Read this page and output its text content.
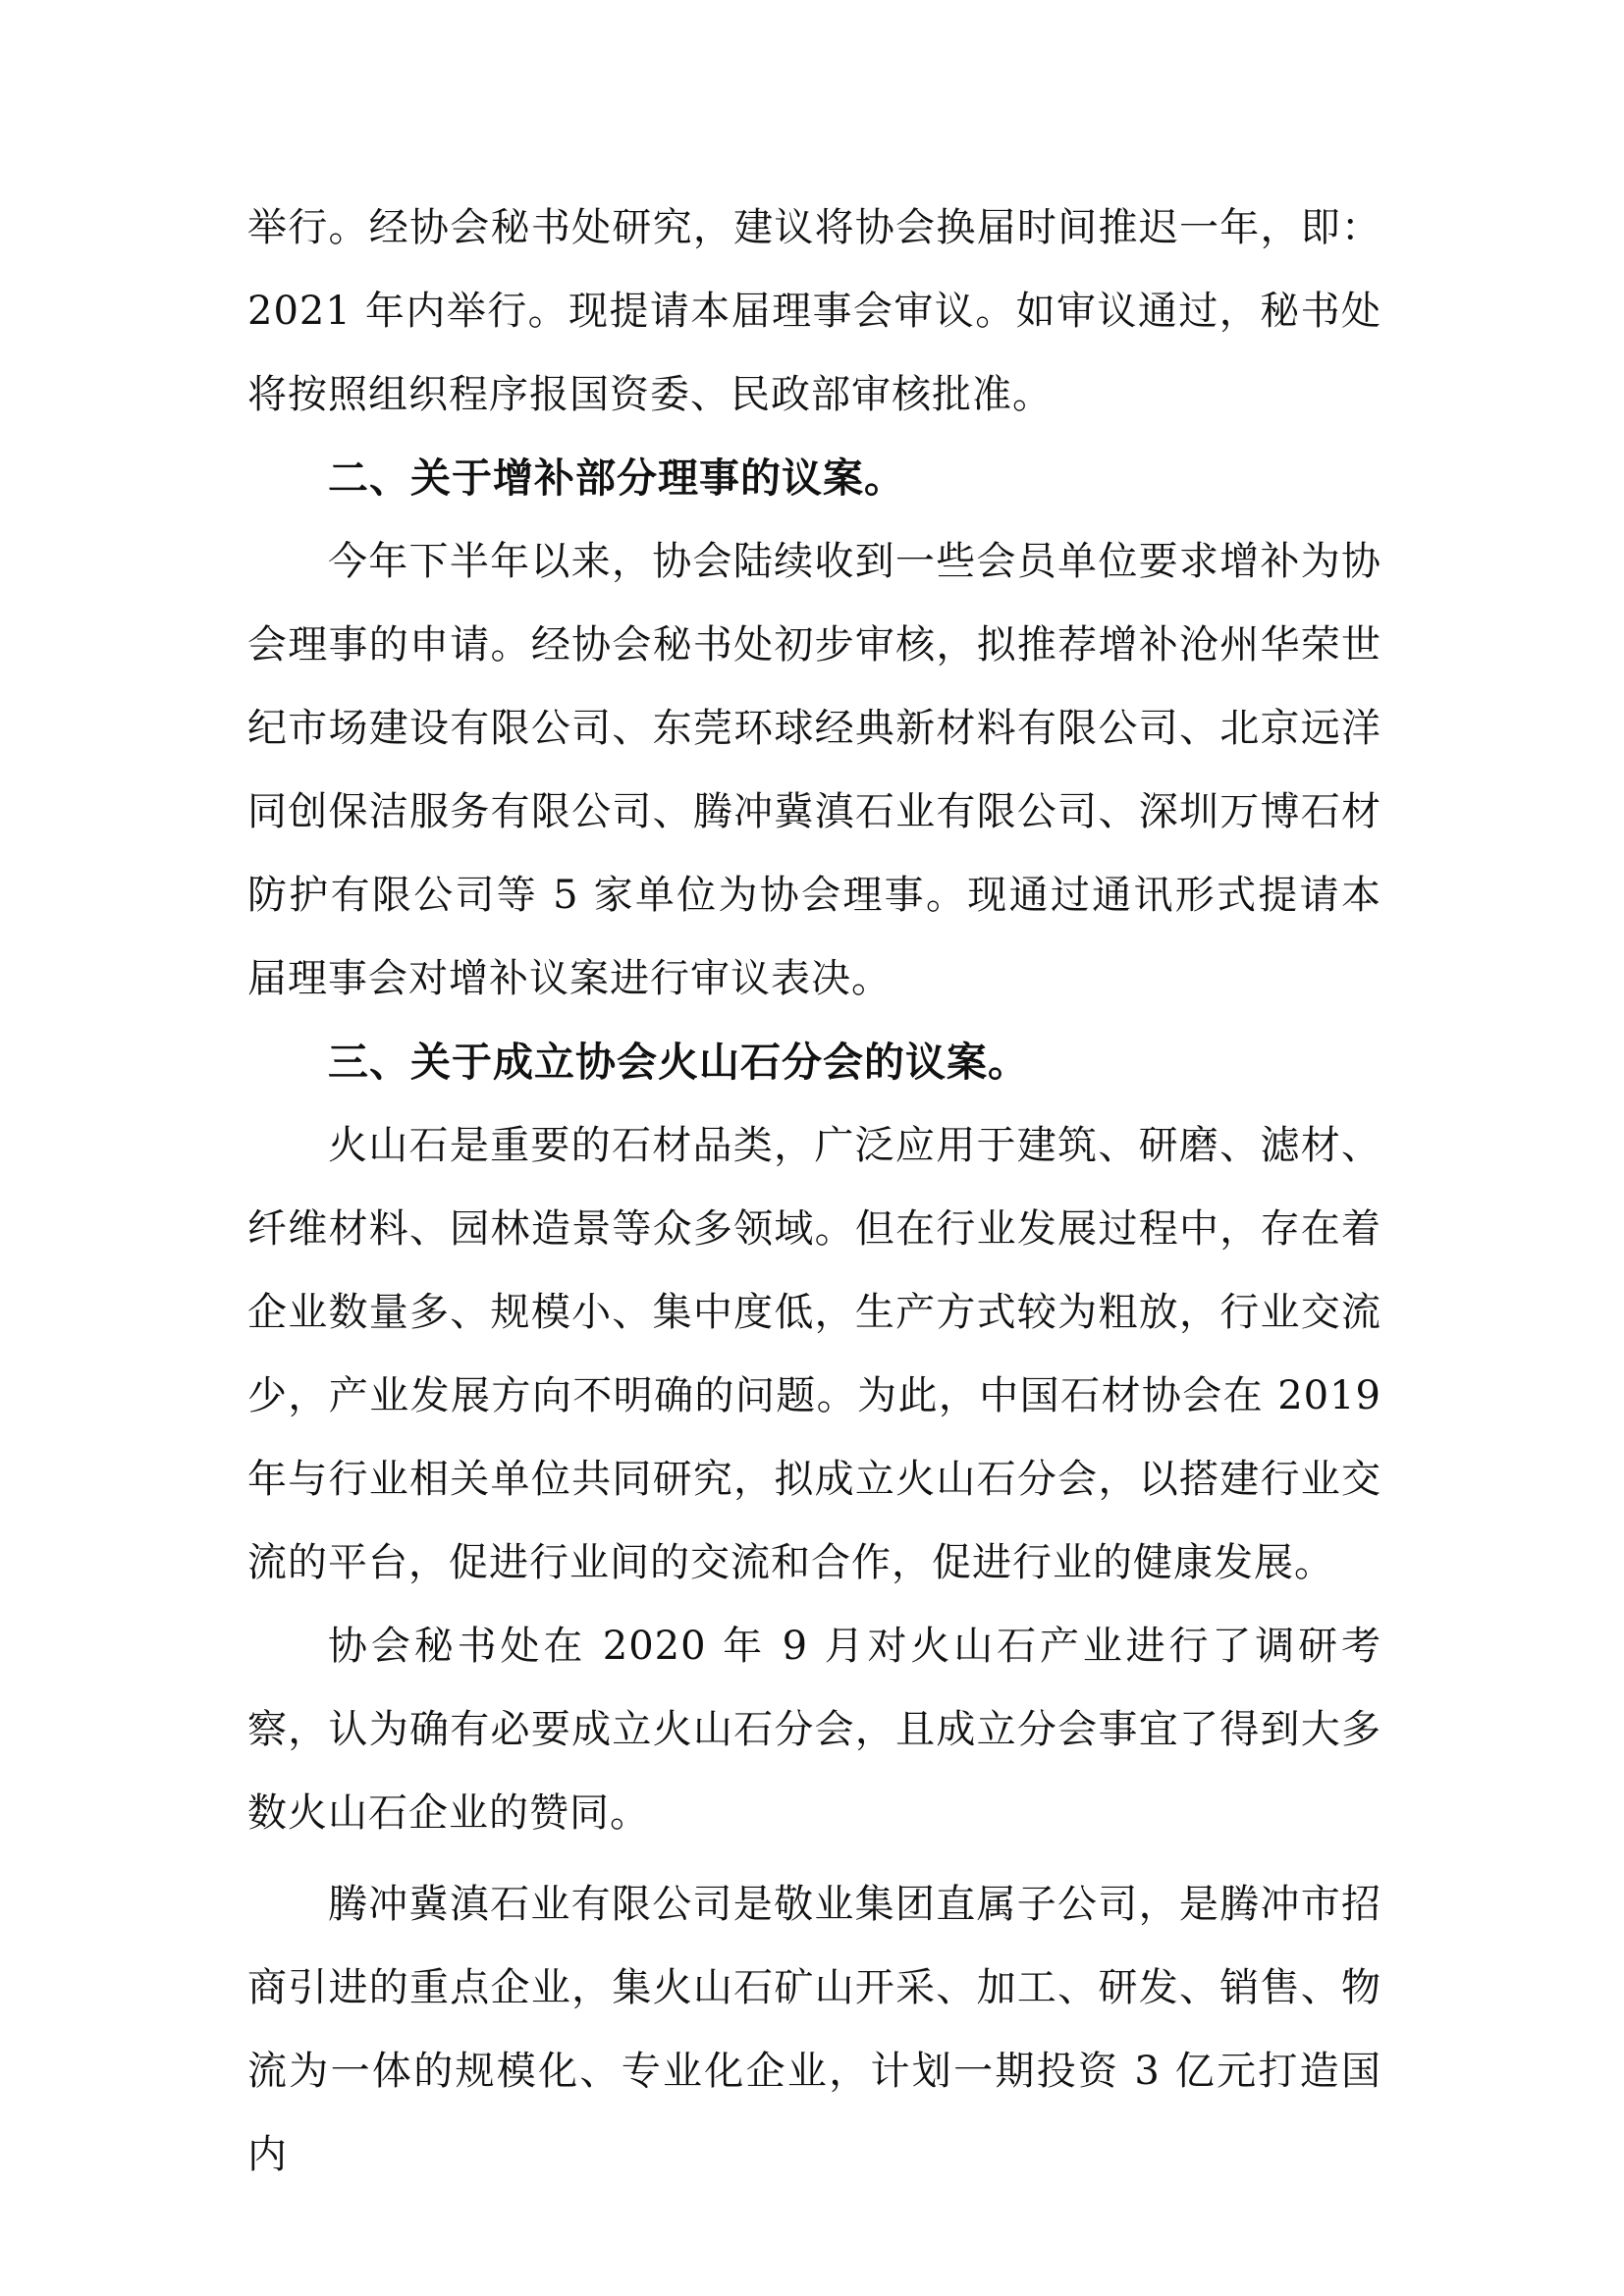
举行。经协会秘书处研究，建议将协会换届时间推迟一年，即：2021 年内举行。现提请本届理事会审议。如审议通过，秘书处将按照组织程序报国资委、民政部审核批准。

二、关于增补部分理事的议案。

今年下半年以来，协会陆续收到一些会员单位要求增补为协会理事的申请。经协会秘书处初步审核，拟推荐增补沧州华荣世纪市场建设有限公司、东莞环球经典新材料有限公司、北京远洋同创保洁服务有限公司、腾冲冀滇石业有限公司、深圳万博石材防护有限公司等 5 家单位为协会理事。现通过通讯形式提请本届理事会对增补议案进行审议表决。

三、关于成立协会火山石分会的议案。

火山石是重要的石材品类，广泛应用于建筑、研磨、滤材、纤维材料、园林造景等众多领域。但在行业发展过程中，存在着企业数量多、规模小、集中度低，生产方式较为粗放，行业交流少，产业发展方向不明确的问题。为此，中国石材协会在 2019 年与行业相关单位共同研究，拟成立火山石分会，以搭建行业交流的平台，促进行业间的交流和合作，促进行业的健康发展。

协会秘书处在 2020 年 9 月对火山石产业进行了调研考察，认为确有必要成立火山石分会，且成立分会事宜了得到大多数火山石企业的赞同。

腾冲冀滇石业有限公司是敬业集团直属子公司，是腾冲市招商引进的重点企业，集火山石矿山开采、加工、研发、销售、物流为一体的规模化、专业化企业，计划一期投资 3 亿元打造国内
